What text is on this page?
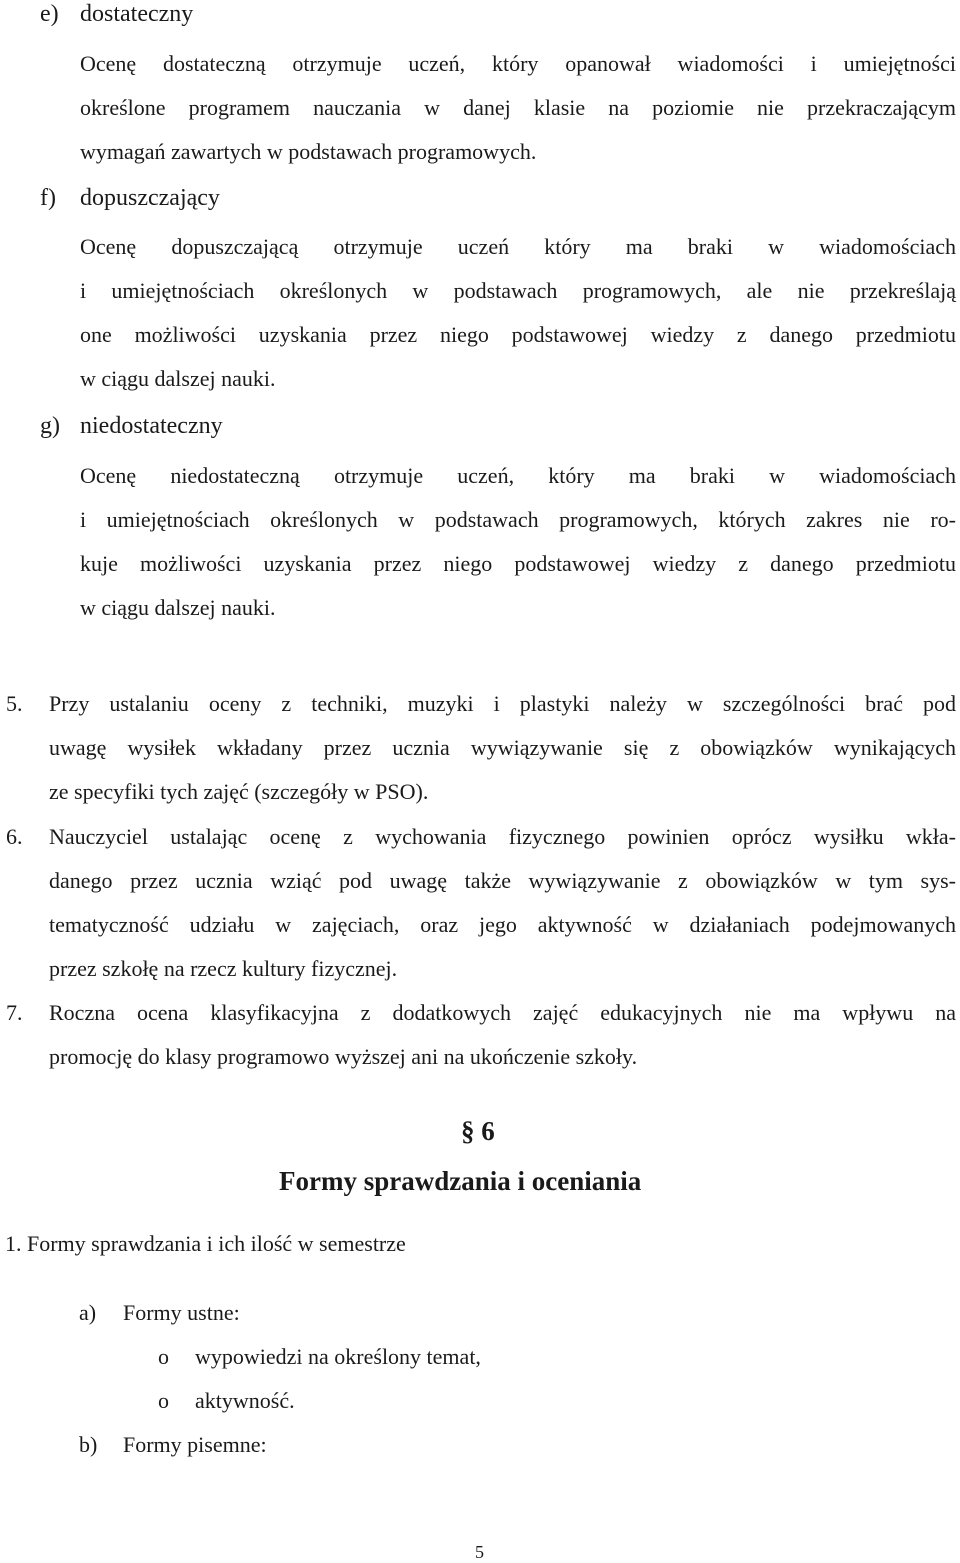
e) dostateczny
Ocenę dostateczną otrzymuje uczeń, który opanował wiadomości i umiejętności
określone programem nauczania w danej klasie na poziomie nie przekraczającym
wymagań zawartych w podstawach programowych.
f) dopuszczający
Ocenę dopuszczającą otrzymuje uczeń który ma braki w wiadomościach
i umiejętnościach określonych w podstawach programowych, ale nie przekreślają
one możliwości uzyskania przez niego podstawowej wiedzy z danego przedmiotu
w ciągu dalszej nauki.
g) niedostateczny
Ocenę niedostateczną otrzymuje uczeń, który ma braki w wiadomościach
i umiejętnościach określonych w podstawach programowych, których zakres nie ro-
kuje możliwości uzyskania przez niego podstawowej wiedzy z danego przedmiotu
w ciągu dalszej nauki.
5. Przy ustalaniu oceny z techniki, muzyki i plastyki należy w szczególności brać pod
uwagę wysiłek wkładany przez ucznia wywiązywanie się z obowiązków wynikających
ze specyfiki tych zajęć (szczegóły w PSO).
6. Nauczyciel ustalając ocenę z wychowania fizycznego powinien oprócz wysiłku wkła-
danego przez ucznia wziąć pod uwagę także wywiązywanie z obowiązków w tym sys-
tematyczność udziału w zajęciach, oraz jego aktywność w działaniach podejmowanych
przez szkołę na rzecz kultury fizycznej.
7. Roczna ocena klasyfikacyjna z dodatkowych zajęć edukacyjnych nie ma wpływu na
promocję do klasy programowo wyższej ani na ukończenie szkoły.
§ 6
Formy sprawdzania i oceniania
1. Formy sprawdzania i ich ilość w semestrze
a) Formy ustne:
o wypowiedzi na określony temat,
o aktywność.
b) Formy pisemne:
5
